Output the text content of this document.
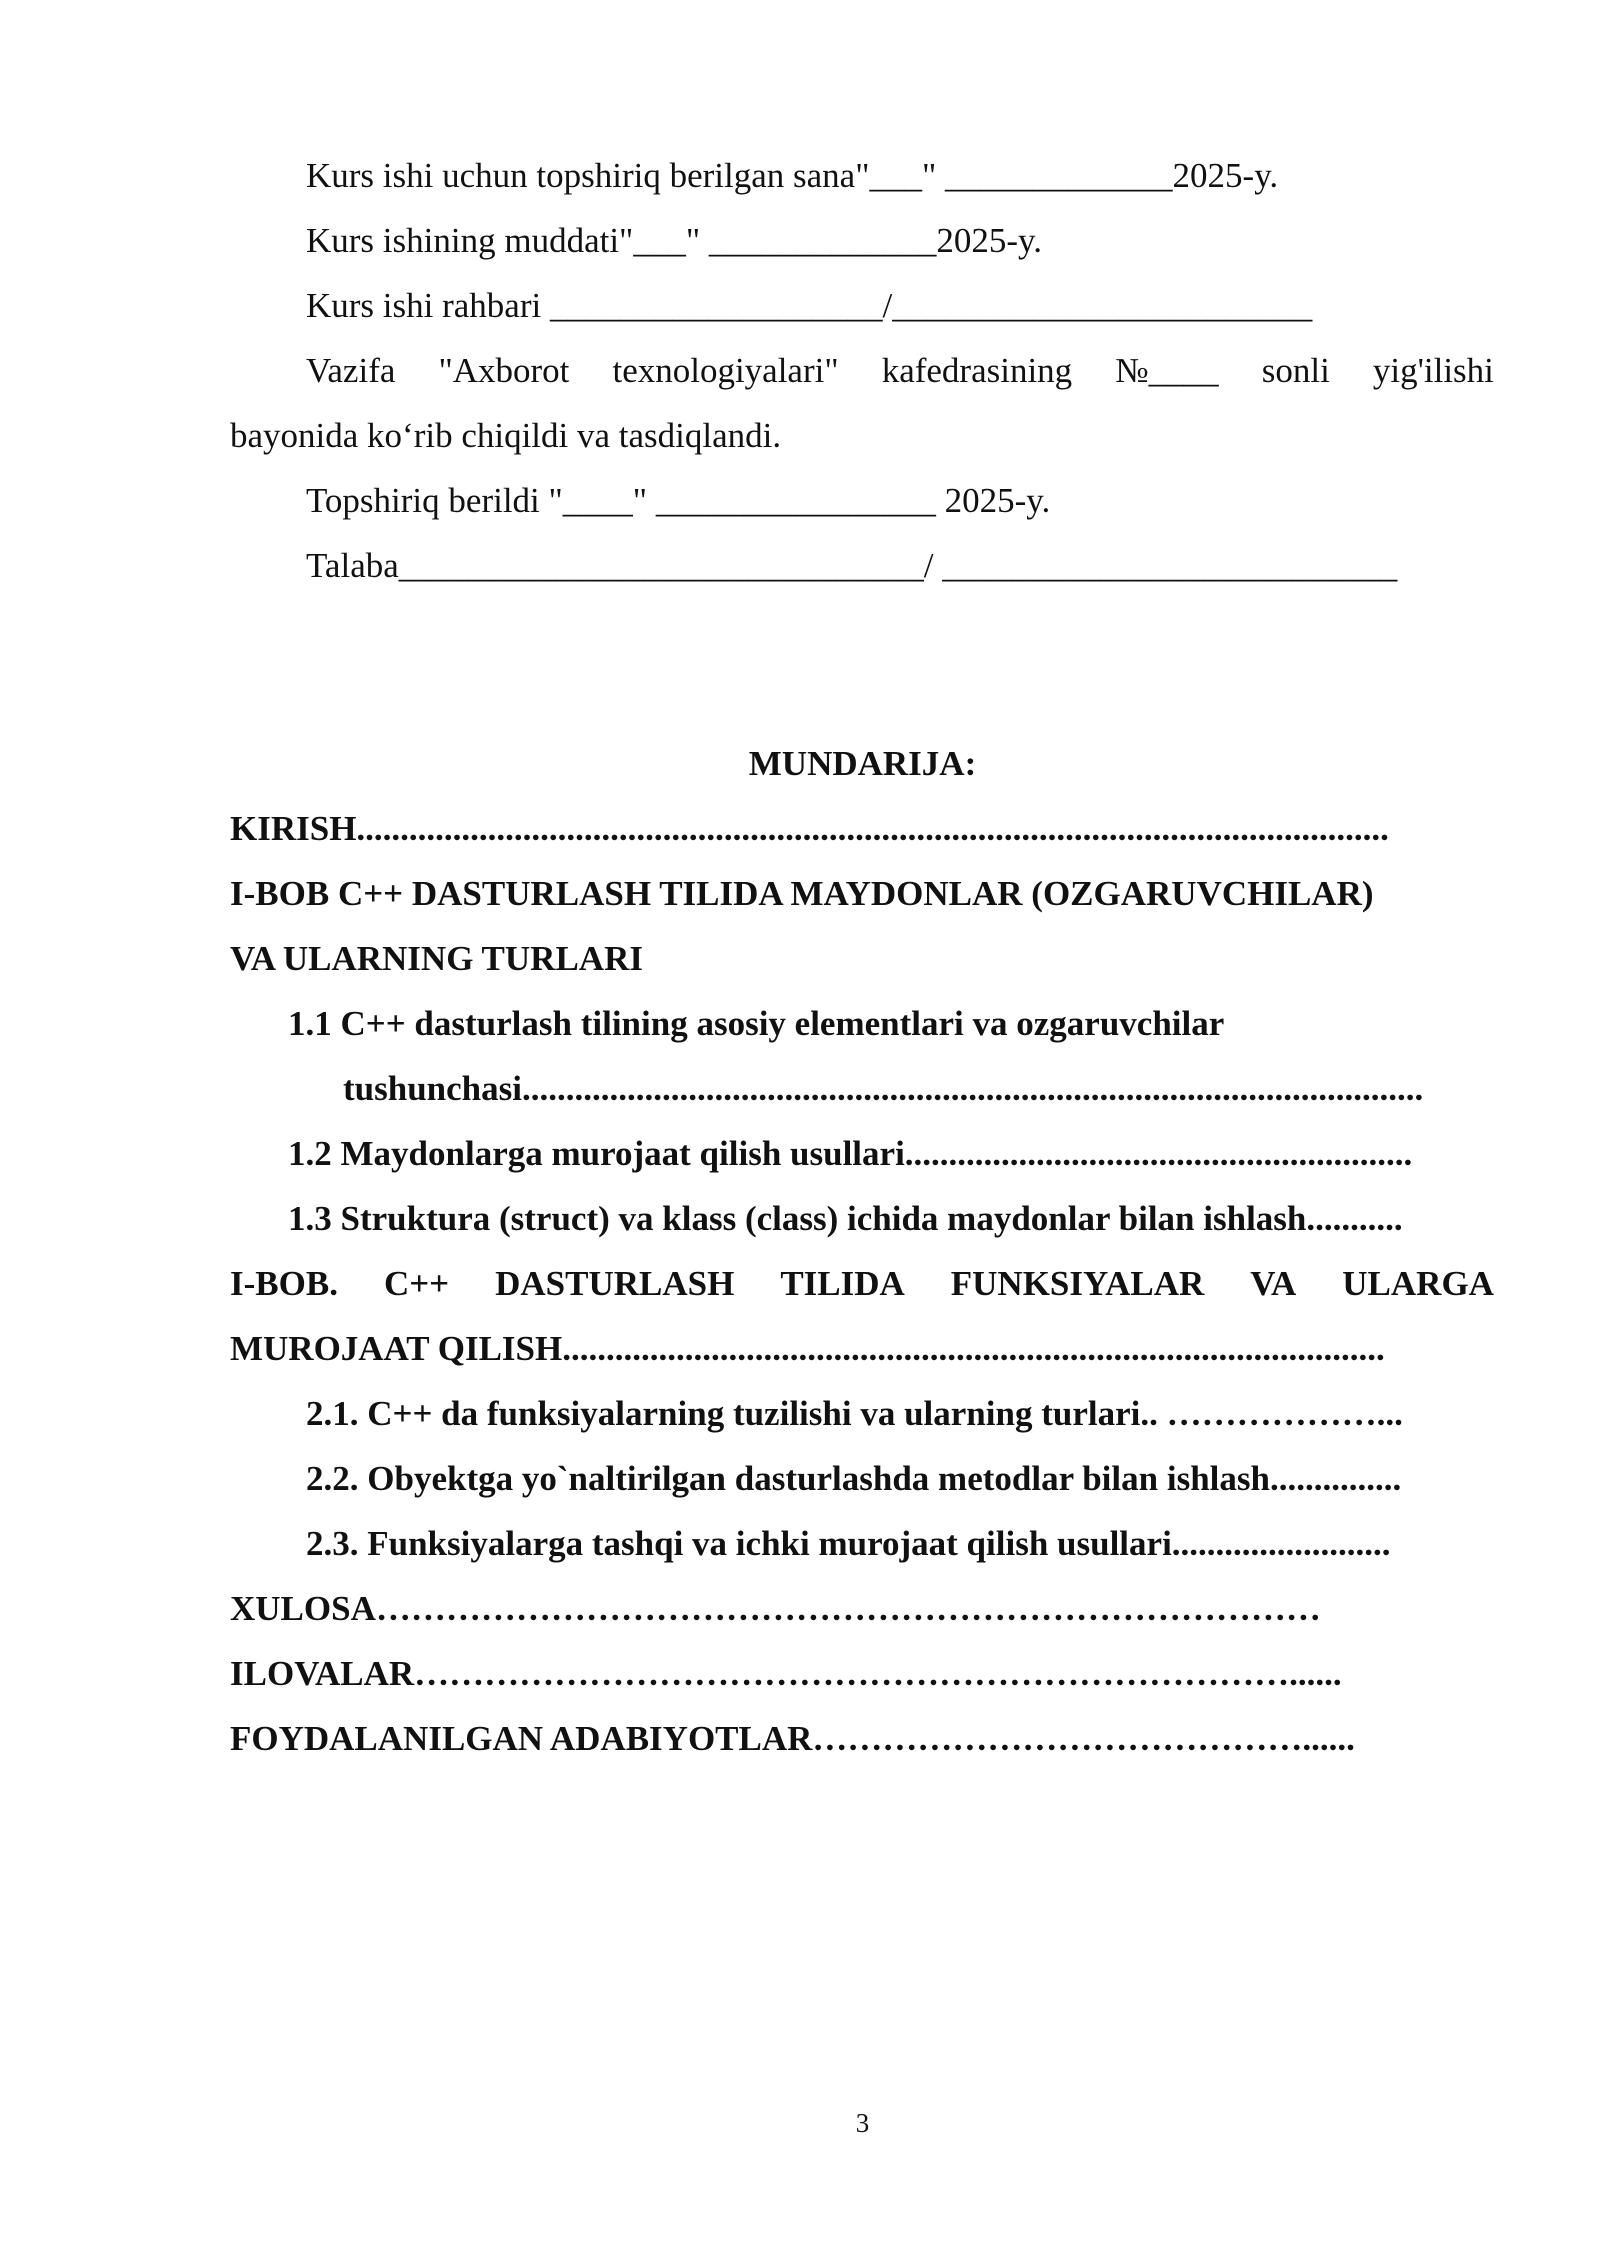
Kurs ishi uchun topshiriq berilgan sana"___" _____________2025-y.
Kurs ishining muddati"___" _____________2025-y.
Kurs ishi rahbari ___________________/________________________
Vazifa "Axborot texnologiyalari" kafedrasining №____ sonli yig'ilishi
bayonida ko‘rib chiqildi va tasdiqlandi.
Topshiriq berildi "____" ________________ 2025-y.
Talaba______________________________/ __________________________
MUNDARIJA:
KIRISH......................................................................................................................
I-BOB C++ DASTURLASH TILIDA MAYDONLAR (OZGARUVCHILAR)
VA ULARNING TURLARI
1.1 C++ dasturlash tilining asosiy elementlari va ozgaruvchilar
tushunchasi.......................................................................................................
1.2 Maydonlarga murojaat qilish usullari..........................................................
1.3 Struktura (struct) va klass (class) ichida maydonlar bilan ishlash...........
I-BOB. C++ DASTURLASH TILIDA FUNKSIYALAR VA ULARGA
MUROJAAT QILISH..............................................................................................
2.1. C++ da funksiyalarning tuzilishi va ularning turlari.. ………………...
2.2. Obyektga yo`naltirilgan dasturlashda metodlar bilan ishlash...............
2.3. Funksiyalarga tashqi va ichki murojaat qilish usullari.........................
XULOSA………………………………………………………………………
ILOVALAR…………………………………………………………………......
FOYDALANILGAN ADABIYOTLAR……………………………………......
3
